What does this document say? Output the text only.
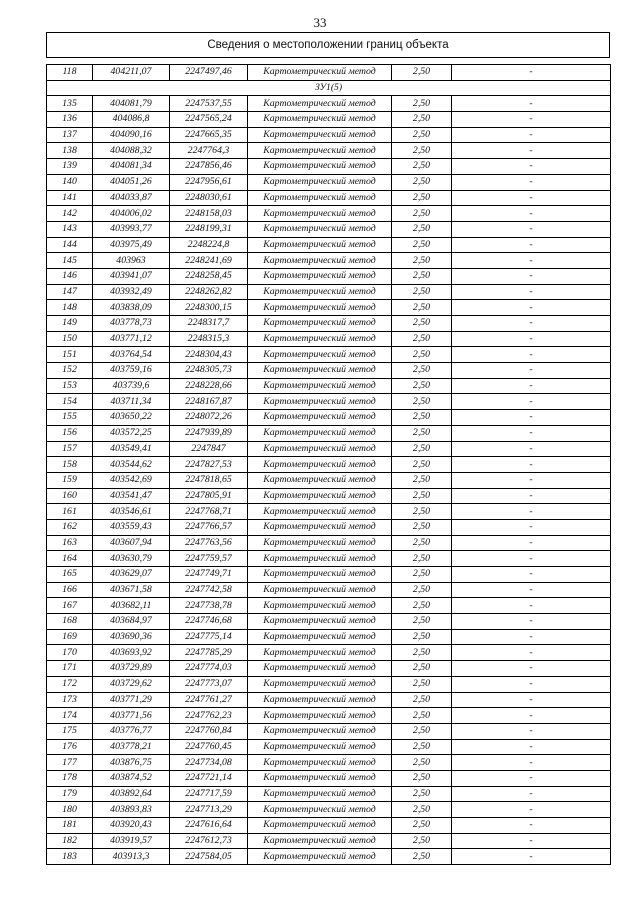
33
Сведения о местоположении границ объекта
118	404211,07	2247497,46	Картометрический метод	2,50	-
ЗУ1(5)					
135	404081,79	2247537,55	Картометрический метод	2,50	-
136	404086,8	2247565,24	Картометрический метод	2,50	-
137	404090,16	2247665,35	Картометрический метод	2,50	-
138	404088,32	2247764,3	Картометрический метод	2,50	-
139	404081,34	2247856,46	Картометрический метод	2,50	-
140	404051,26	2247956,61	Картометрический метод	2,50	-
141	404033,87	2248030,61	Картометрический метод	2,50	-
142	404006,02	2248158,03	Картометрический метод	2,50	-
143	403993,77	2248199,31	Картометрический метод	2,50	-
144	403975,49	2248224,8	Картометрический метод	2,50	-
145	403963	2248241,69	Картометрический метод	2,50	-
146	403941,07	2248258,45	Картометрический метод	2,50	-
147	403932,49	2248262,82	Картометрический метод	2,50	-
148	403838,09	2248300,15	Картометрический метод	2,50	-
149	403778,73	2248317,7	Картометрический метод	2,50	-
150	403771,12	2248315,3	Картометрический метод	2,50	-
151	403764,54	2248304,43	Картометрический метод	2,50	-
152	403759,16	2248305,73	Картометрический метод	2,50	-
153	403739,6	2248228,66	Картометрический метод	2,50	-
154	403711,34	2248167,87	Картометрический метод	2,50	-
155	403650,22	2248072,26	Картометрический метод	2,50	-
156	403572,25	2247939,89	Картометрический метод	2,50	-
157	403549,41	2247847	Картометрический метод	2,50	-
158	403544,62	2247827,53	Картометрический метод	2,50	-
159	403542,69	2247818,65	Картометрический метод	2,50	-
160	403541,47	2247805,91	Картометрический метод	2,50	-
161	403546,61	2247768,71	Картометрический метод	2,50	-
162	403559,43	2247766,57	Картометрический метод	2,50	-
163	403607,94	2247763,56	Картометрический метод	2,50	-
164	403630,79	2247759,57	Картометрический метод	2,50	-
165	403629,07	2247749,71	Картометрический метод	2,50	-
166	403671,58	2247742,58	Картометрический метод	2,50	-
167	403682,11	2247738,78	Картометрический метод	2,50	-
168	403684,97	2247746,68	Картометрический метод	2,50	-
169	403690,36	2247775,14	Картометрический метод	2,50	-
170	403693,92	2247785,29	Картометрический метод	2,50	-
171	403729,89	2247774,03	Картометрический метод	2,50	-
172	403729,62	2247773,07	Картометрический метод	2,50	-
173	403771,29	2247761,27	Картометрический метод	2,50	-
174	403771,56	2247762,23	Картометрический метод	2,50	-
175	403776,77	2247760,84	Картометрический метод	2,50	-
176	403778,21	2247760,45	Картометрический метод	2,50	-
177	403876,75	2247734,08	Картометрический метод	2,50	-
178	403874,52	2247721,14	Картометрический метод	2,50	-
179	403892,64	2247717,59	Картометрический метод	2,50	-
180	403893,83	2247713,29	Картометрический метод	2,50	-
181	403920,43	2247616,64	Картометрический метод	2,50	-
182	403919,57	2247612,73	Картометрический метод	2,50	-
183	403913,3	2247584,05	Картометрический метод	2,50	-
